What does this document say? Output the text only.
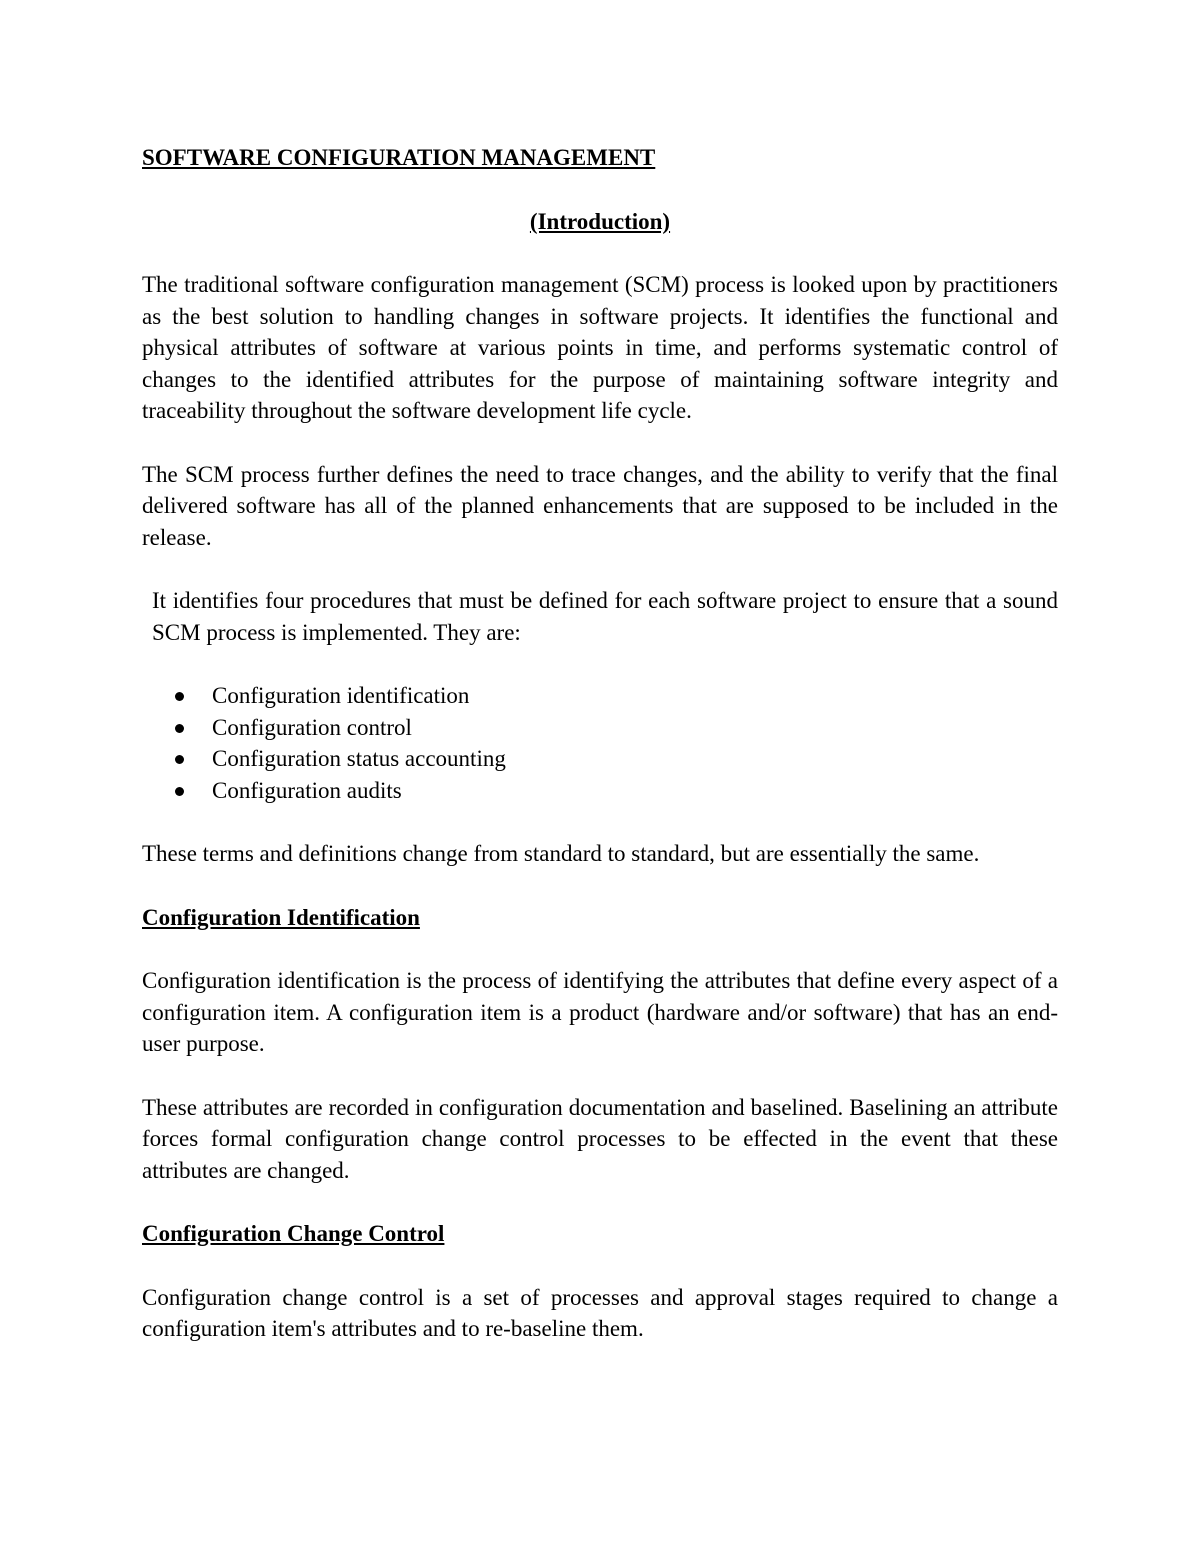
SOFTWARE CONFIGURATION MANAGEMENT
(Introduction)

The traditional software configuration management (SCM) process is looked upon by practitioners as the best solution to handling changes in software projects. It identifies the functional and physical attributes of software at various points in time, and performs systematic control of changes to the identified attributes for the purpose of maintaining software integrity and traceability throughout the software development life cycle.

The SCM process further defines the need to trace changes, and the ability to verify that the final delivered software has all of the planned enhancements that are supposed to be included in the release.

It identifies four procedures that must be defined for each software project to ensure that a sound SCM process is implemented. They are:

Configuration identification
Configuration control
Configuration status accounting
Configuration audits

These terms and definitions change from standard to standard, but are essentially the same.

Configuration Identification

Configuration identification is the process of identifying the attributes that define every aspect of a configuration item. A configuration item is a product (hardware and/or software) that has an end-user purpose.

These attributes are recorded in configuration documentation and baselined. Baselining an attribute forces formal configuration change control processes to be effected in the event that these attributes are changed.

Configuration Change Control

Configuration change control is a set of processes and approval stages required to change a configuration item's attributes and to re-baseline them.
